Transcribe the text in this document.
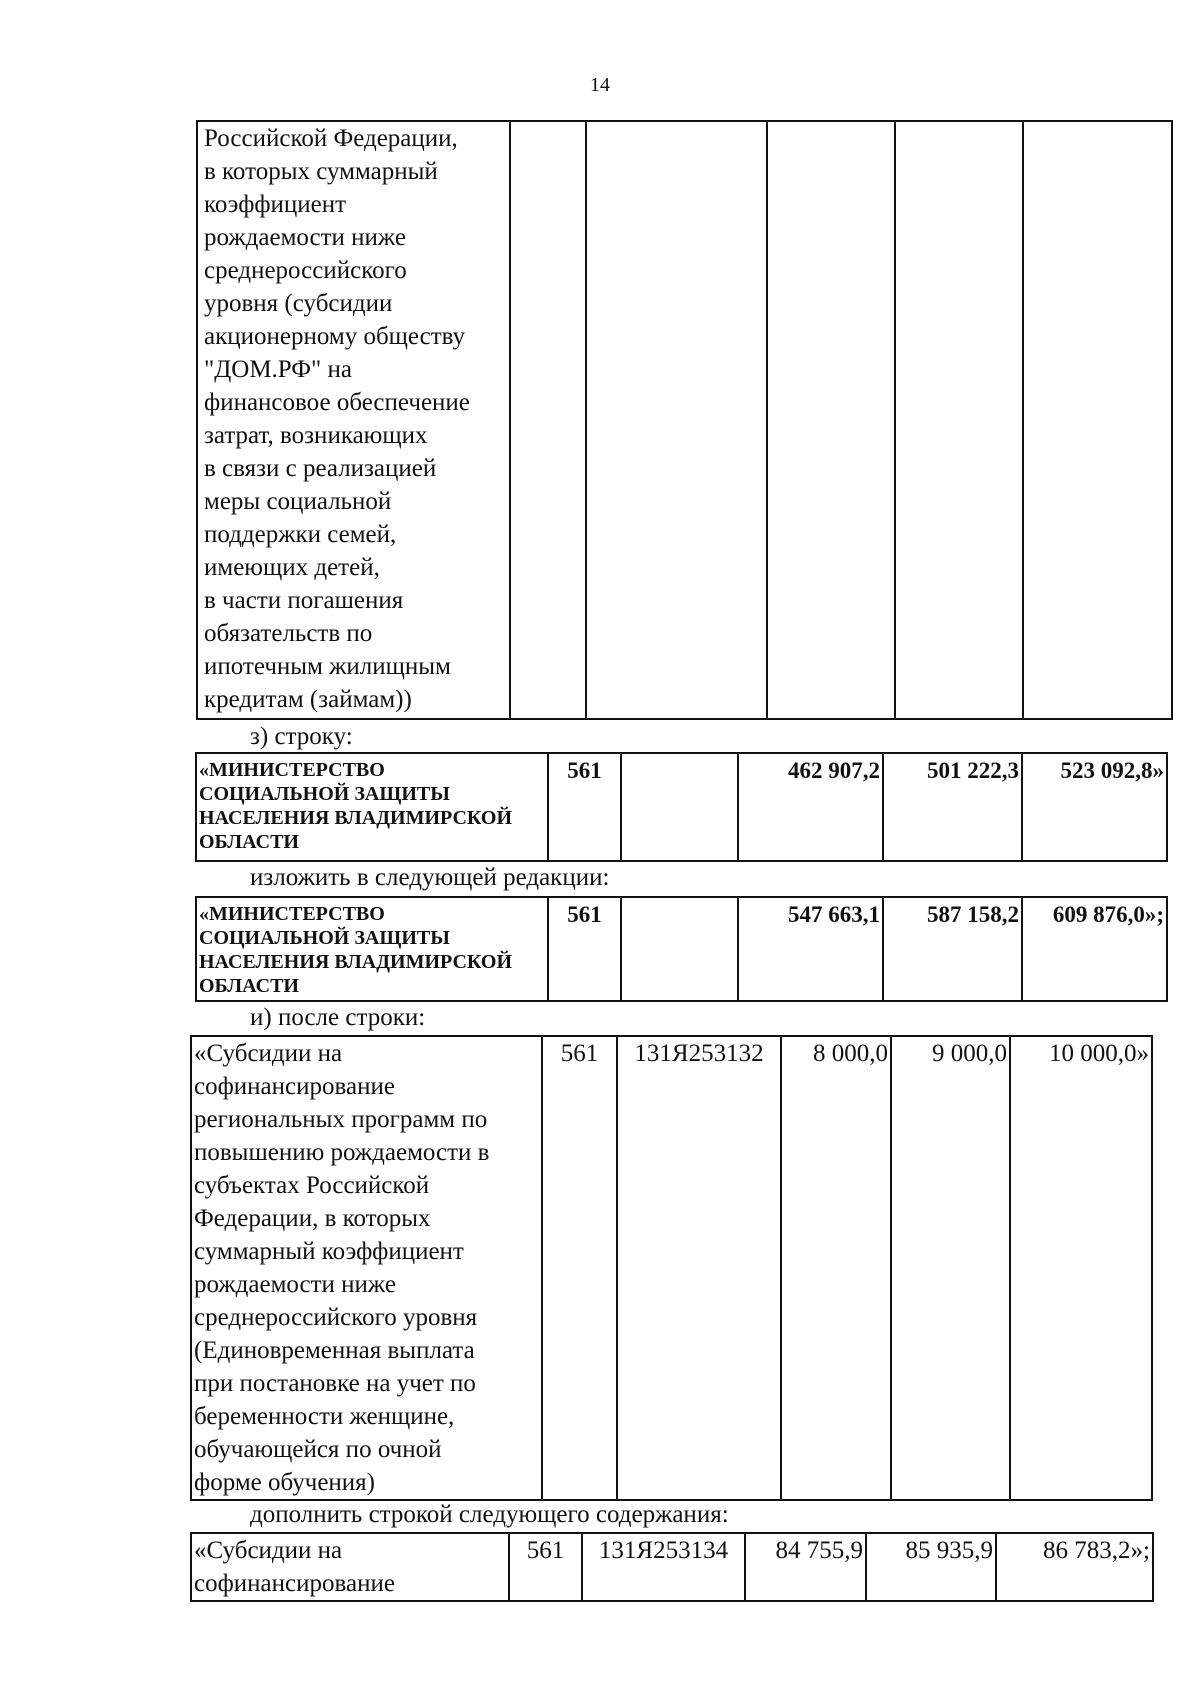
14
Российской Федерации,
в которых суммарный
коэффициент
рождаемости ниже
среднероссийского
уровня (субсидии
акционерному обществу
"ДОМ.РФ" на
финансовое обеспечение
затрат, возникающих
в связи с реализацией
меры социальной
поддержки семей,
имеющих детей,
в части погашения
обязательств по
ипотечным жилищным
кредитам (займам))

з) строку:
«МИНИСТЕРСТВО
СОЦИАЛЬНОЙ ЗАЩИТЫ
НАСЕЛЕНИЯ ВЛАДИМИРСКОЙ
ОБЛАСТИ
	561		462 907,2	501 222,3	523 092,8»
изложить в следующей редакции:
«МИНИСТЕРСТВО
СОЦИАЛЬНОЙ ЗАЩИТЫ
НАСЕЛЕНИЯ ВЛАДИМИРСКОЙ
ОБЛАСТИ
	561		547 663,1	587 158,2	609 876,0»;
и) после строки:
«Субсидии на
софинансирование
региональных программ по
повышению рождаемости в
субъектах Российской
Федерации, в которых
суммарный коэффициент
рождаемости ниже
среднероссийского уровня
(Единовременная выплата
при постановке на учет по
беременности женщине,
обучающейся по очной
форме обучения)
	561	131Я253132	8 000,0	9 000,0	10 000,0»
дополнить строкой следующего содержания:
«Субсидии на
софинансирование
	561	131Я253134	84 755,9	85 935,9	86 783,2»;
